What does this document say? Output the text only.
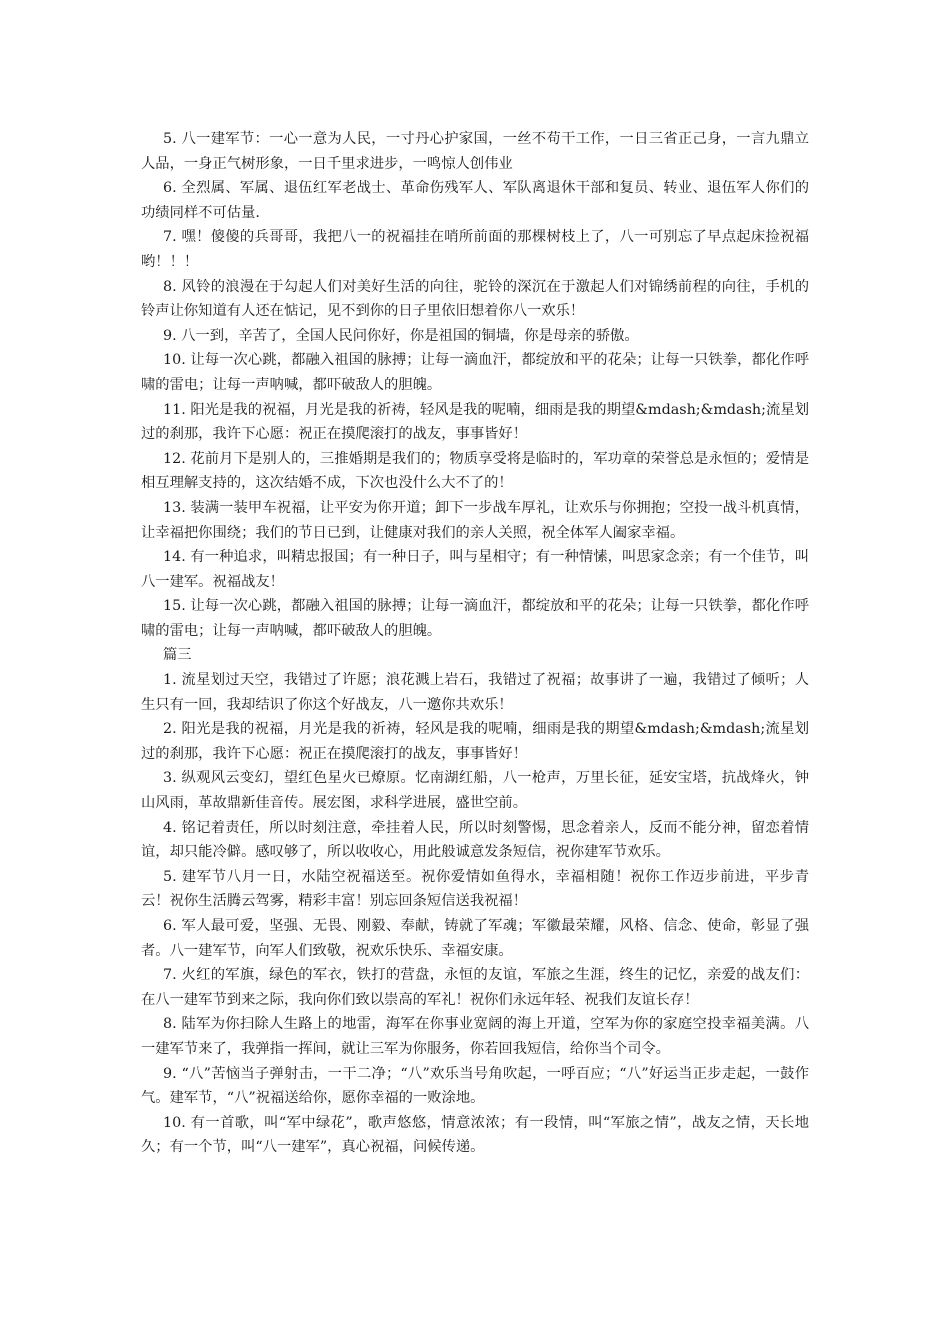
5. 八一建军节：一心一意为人民，一寸丹心护家国，一丝不苟干工作，一日三省正己身，一言九鼎立人品，一身正气树形象，一日千里求进步，一鸣惊人创伟业

6. 全烈属、军属、退伍红军老战士、革命伤残军人、军队离退休干部和复员、转业、退伍军人你们的功绩同样不可估量.

7. 嘿！傻傻的兵哥哥，我把八一的祝福挂在哨所前面的那棵树枝上了，八一可别忘了早点起床捡祝福哟！！！

8. 风铃的浪漫在于勾起人们对美好生活的向往，驼铃的深沉在于激起人们对锦绣前程的向往，手机的铃声让你知道有人还在惦记，见不到你的日子里依旧想着你八一欢乐！

9. 八一到，辛苦了，全国人民问你好，你是祖国的铜墙，你是母亲的骄傲。

10. 让每一次心跳，都融入祖国的脉搏；让每一滴血汗，都绽放和平的花朵；让每一只铁拳，都化作呼啸的雷电；让每一声呐喊，都吓破敌人的胆魄。

11. 阳光是我的祝福，月光是我的祈祷，轻风是我的呢喃，细雨是我的期望&mdash;&mdash;流星划过的刹那，我许下心愿：祝正在摸爬滚打的战友，事事皆好！

12. 花前月下是别人的，三推婚期是我们的；物质享受将是临时的，军功章的荣誉总是永恒的；爱情是相互理解支持的，这次结婚不成，下次也没什么大不了的！

13. 装满一装甲车祝福，让平安为你开道；卸下一步战车厚礼，让欢乐与你拥抱；空投一战斗机真情，让幸福把你围绕；我们的节日已到，让健康对我们的亲人关照，祝全体军人阖家幸福。

14. 有一种追求，叫精忠报国；有一种日子，叫与星相守；有一种情愫，叫思家念亲；有一个佳节，叫八一建军。祝福战友！

15. 让每一次心跳，都融入祖国的脉搏；让每一滴血汗，都绽放和平的花朵；让每一只铁拳，都化作呼啸的雷电；让每一声呐喊，都吓破敌人的胆魄。

篇三

1. 流星划过天空，我错过了许愿；浪花溅上岩石，我错过了祝福；故事讲了一遍，我错过了倾听；人生只有一回，我却结识了你这个好战友，八一邀你共欢乐！

2. 阳光是我的祝福，月光是我的祈祷，轻风是我的呢喃，细雨是我的期望&mdash;&mdash;流星划过的刹那，我许下心愿：祝正在摸爬滚打的战友，事事皆好！

3. 纵观风云变幻，望红色星火已燎原。忆南湖红船，八一枪声，万里长征，延安宝塔，抗战烽火，钟山风雨，革故鼎新佳音传。展宏图，求科学进展，盛世空前。

4. 铭记着责任，所以时刻注意，牵挂着人民，所以时刻警惕，思念着亲人，反而不能分神，留恋着情谊，却只能冷僻。感叹够了，所以收收心，用此般诚意发条短信，祝你建军节欢乐。

5. 建军节八月一日，水陆空祝福送至。祝你爱情如鱼得水，幸福相随！祝你工作迈步前进，平步青云！祝你生活腾云驾雾，精彩丰富！别忘回条短信送我祝福！

6. 军人最可爱，坚强、无畏、刚毅、奉献，铸就了军魂；军徽最荣耀，风格、信念、使命，彰显了强者。八一建军节，向军人们致敬，祝欢乐快乐、幸福安康。

7. 火红的军旗，绿色的军衣，铁打的营盘，永恒的友谊，军旅之生涯，终生的记忆，亲爱的战友们：在八一建军节到来之际，我向你们致以崇高的军礼！祝你们永远年轻、祝我们友谊长存！

8. 陆军为你扫除人生路上的地雷，海军在你事业宽阔的海上开道，空军为你的家庭空投幸福美满。八一建军节来了，我弹指一挥间，就让三军为你服务，你若回我短信，给你当个司令。

9. “八”苦恼当子弹射击，一干二净；“八”欢乐当号角吹起，一呼百应；“八”好运当正步走起，一鼓作气。建军节，“八”祝福送给你，愿你幸福的一败涂地。

10. 有一首歌，叫“军中绿花”，歌声悠悠，情意浓浓；有一段情，叫“军旅之情”，战友之情，天长地久；有一个节，叫“八一建军”，真心祝福，问候传递。
